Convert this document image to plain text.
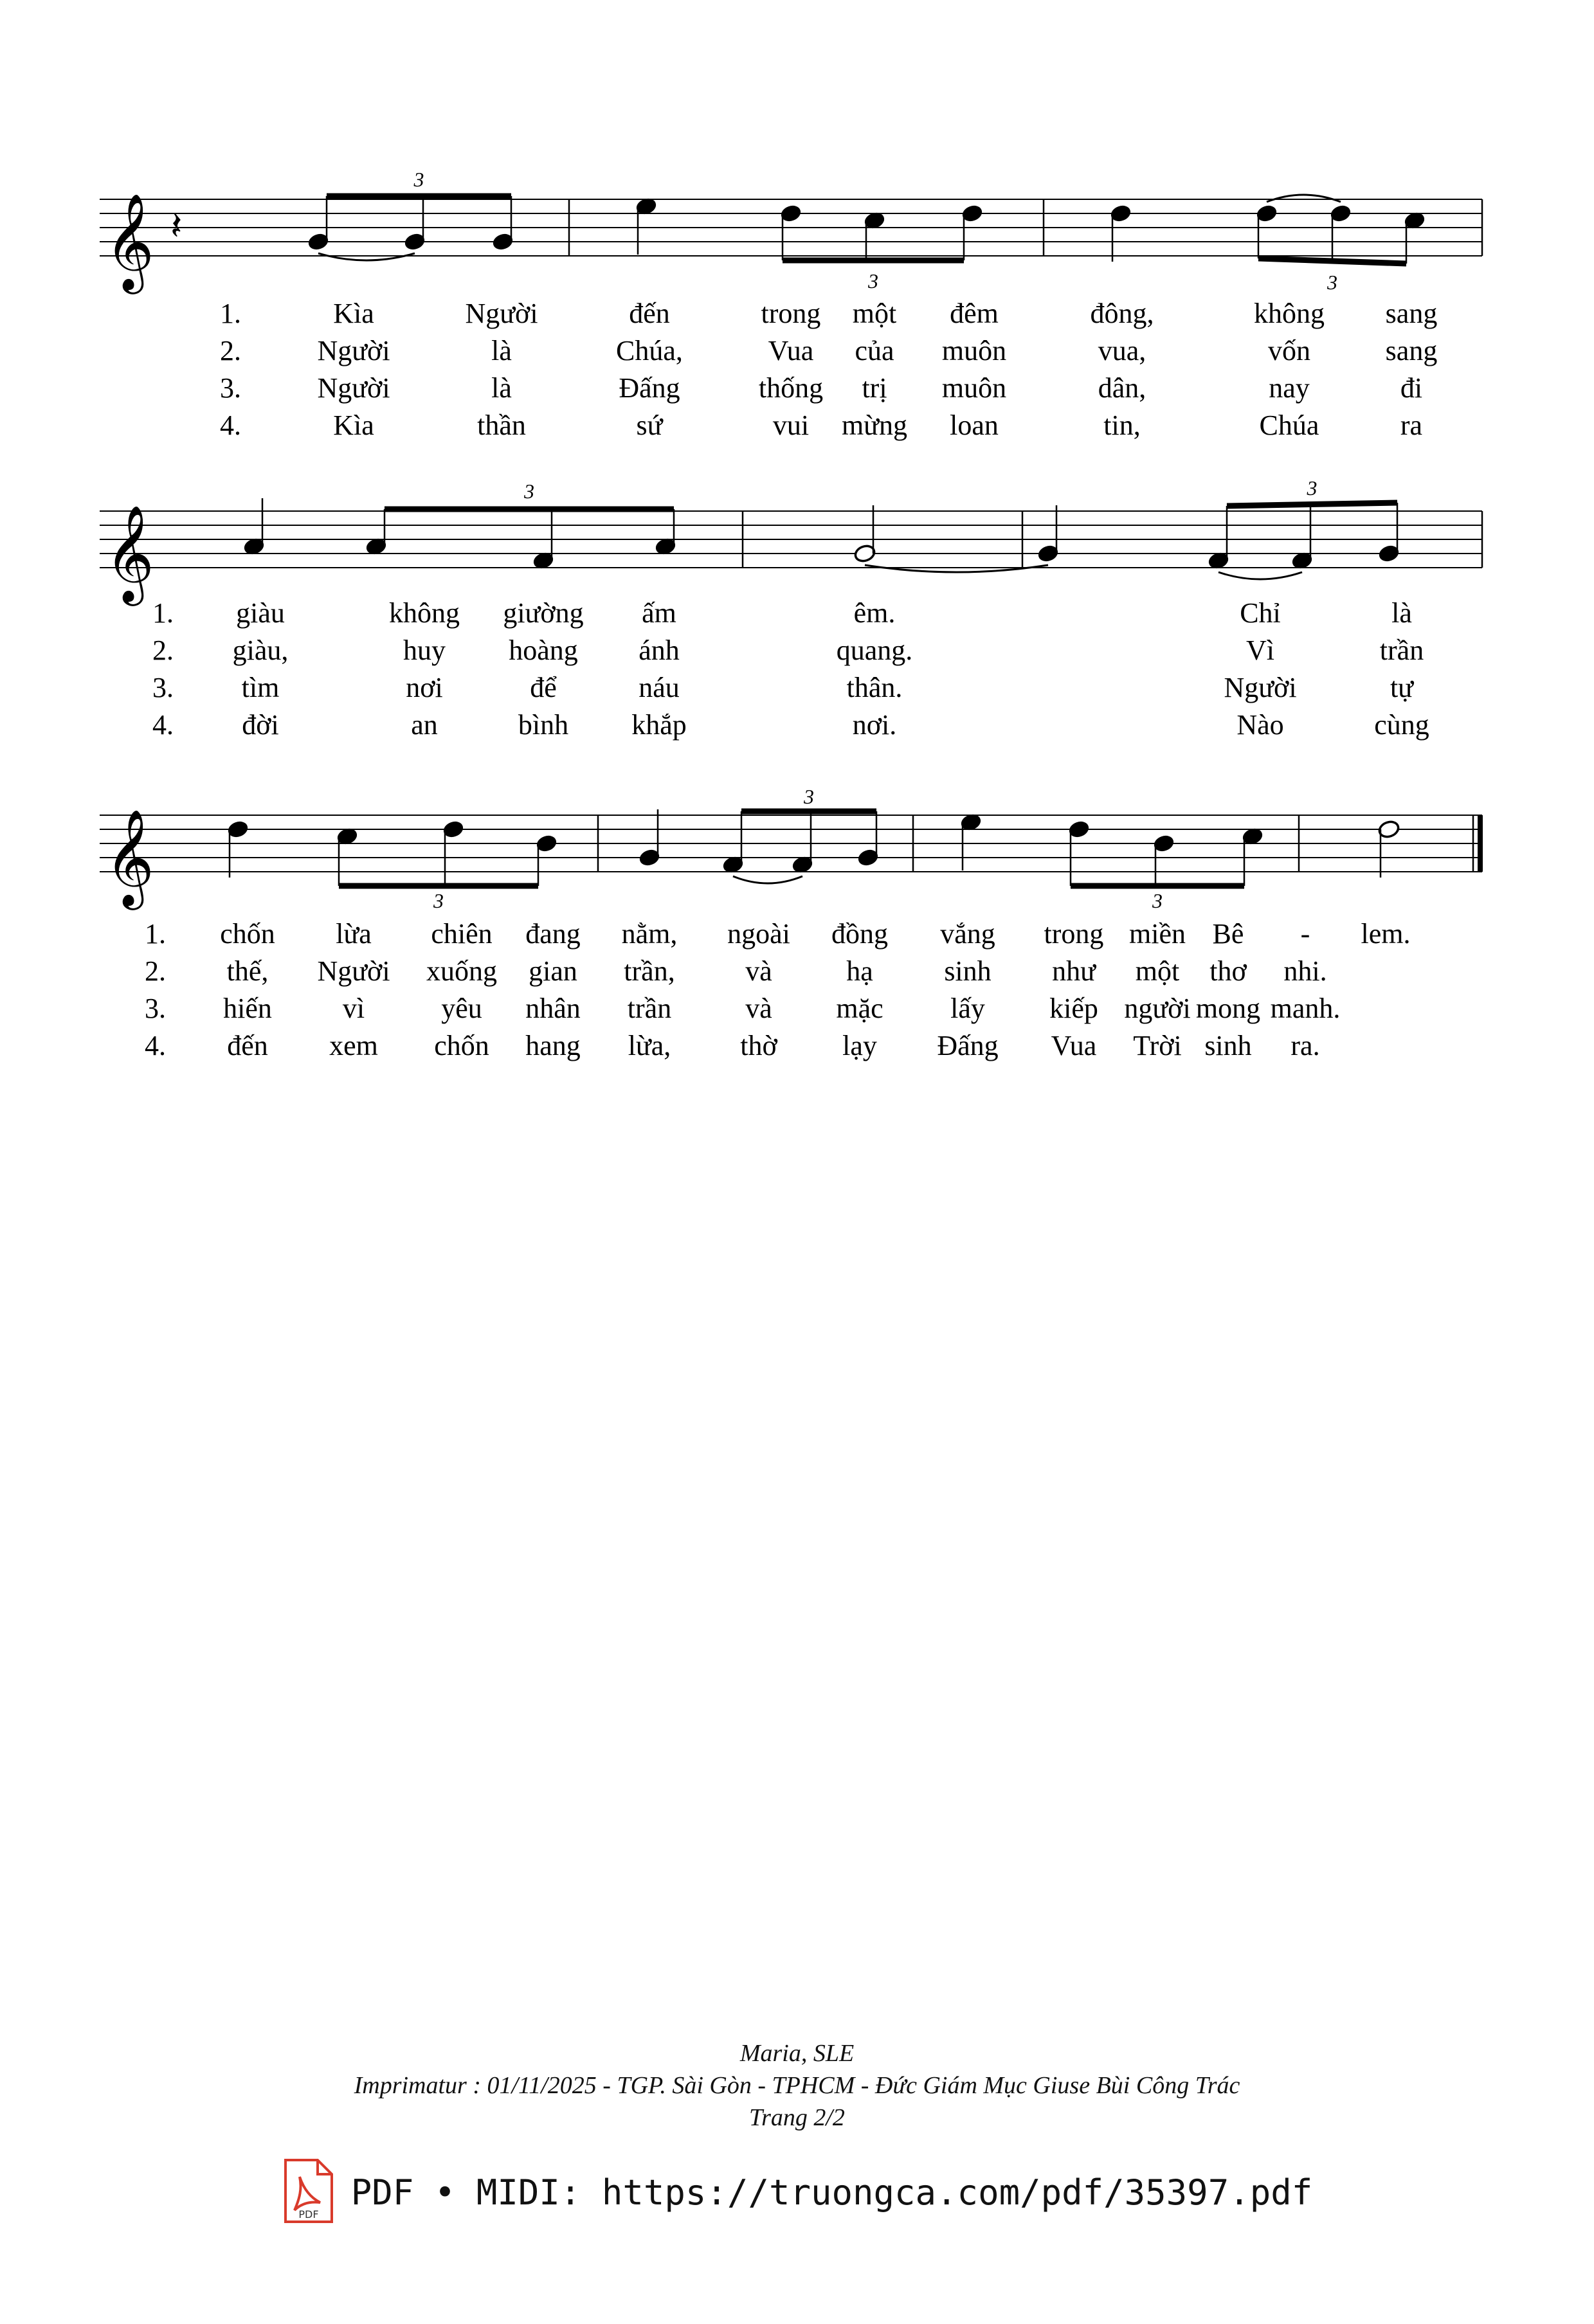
𝄞
𝄞
𝄞
𝄽
3
3	3
3	3
3
3
3
1.	Kìa	Người	đến	trong một đêm	đông,	không sang
2.	Người	là	Chúa,	Vua của muôn	vua,	vốn	sang
3.	Người	là	Đấng	thống trị muôn	dân,	nay	đi
4.	Kìa	thần	sứ	vui mừng loan	tin,	Chúa	ra
1. giàu	không giường ấm	êm.	Chỉ	là
2. giàu,	huy hoàng ánh	quang.	Vì	trần
3. tìm	nơi	để	náu	thân.	Người	tự
4. đời	an	bình khắp	nơi.	Nào	cùng
1. chốn lừa chiên đang nằm, ngoài đồng vắng trong miền Bê - lem.
2. thế, Người xuống gian trần, và	hạ	sinh như một thơ nhi.
3. hiến	vì	yêu nhân trần	và mặc lấy kiếp người mong manh.
4. đến xem chốn hang lừa, thờ lạy Đấng Vua Trời sinh ra.
Maria, SLE
Imprimatur : 01/11/2025 - TGP. Sài Gòn - TPHCM - Đức Giám Mục Giuse Bùi Công Trác
Trang 2/2
PDF
PDF • MIDI: https://truongca.com/pdf/35397.pdf
